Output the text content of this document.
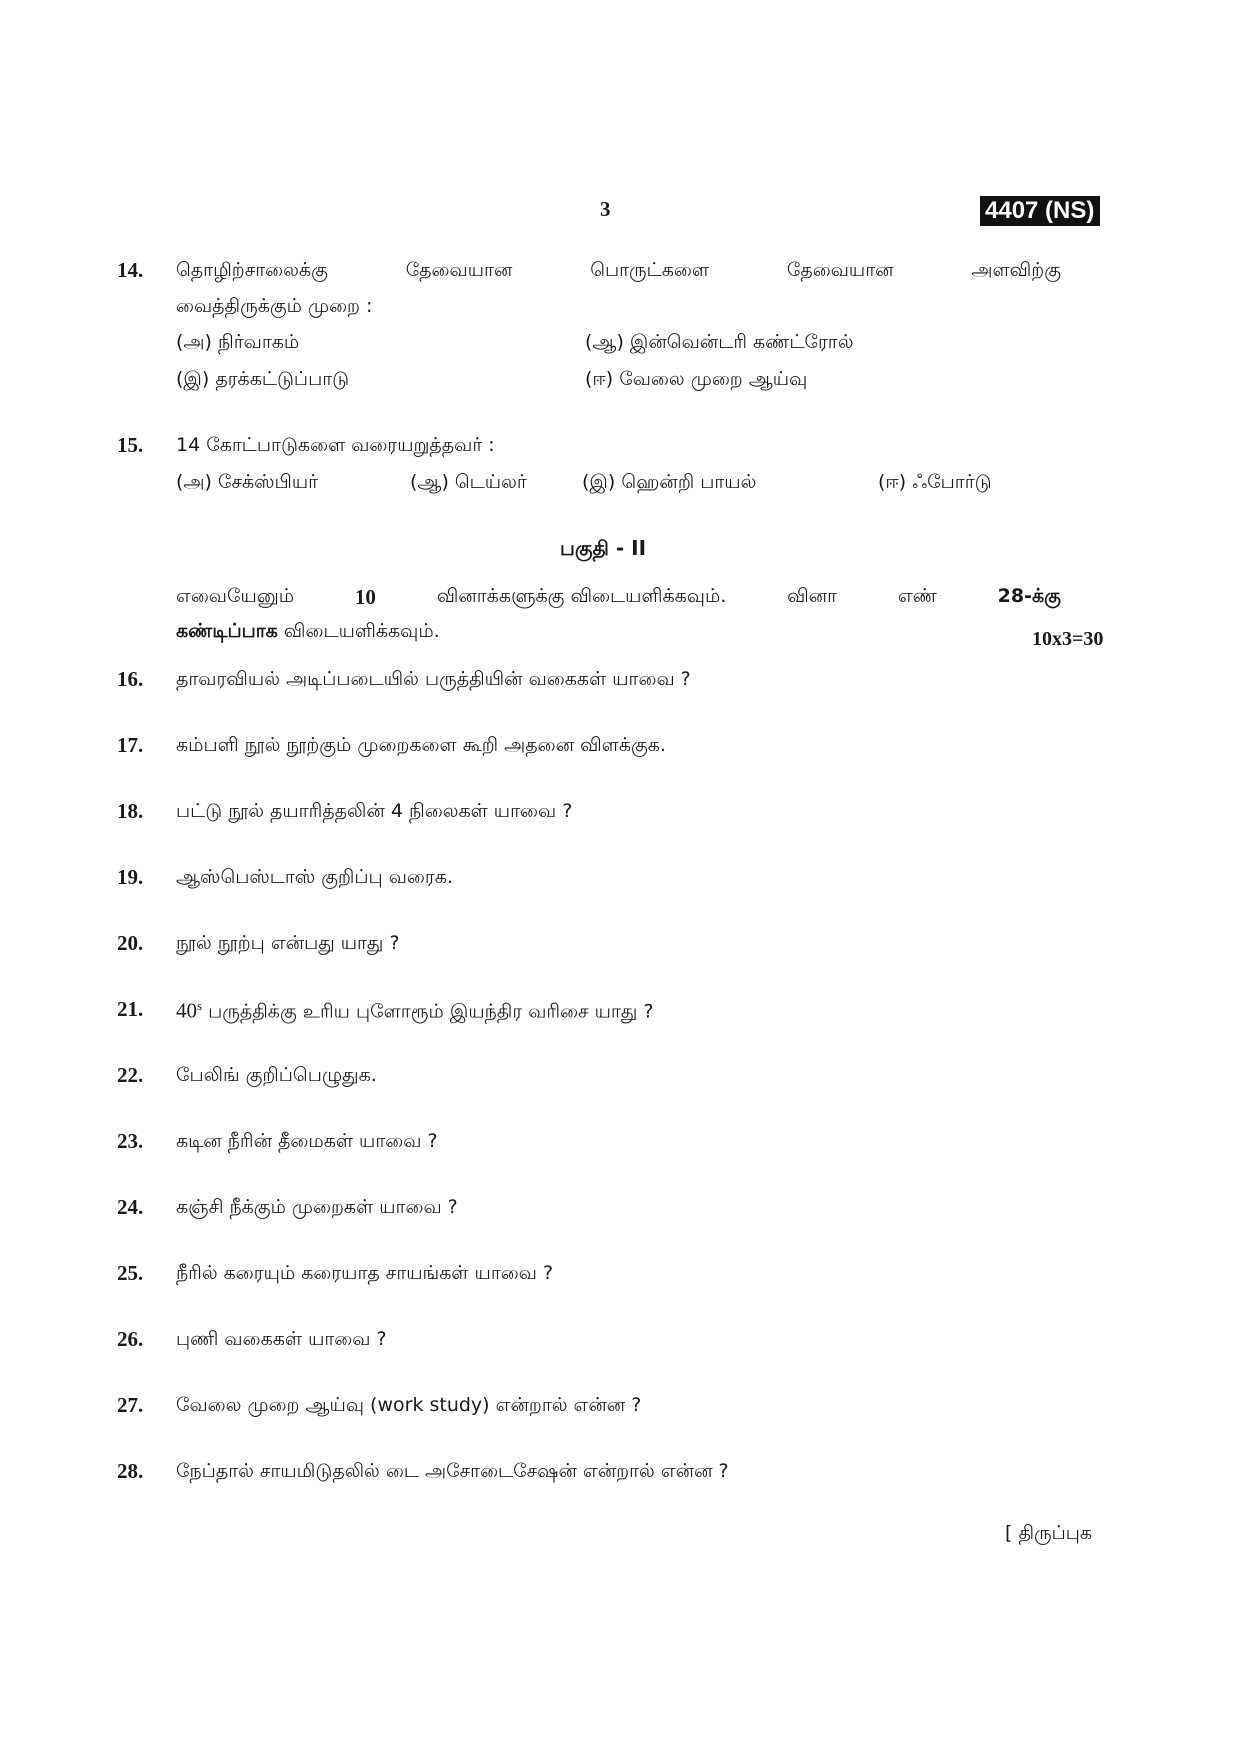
3	4407 (NS)
14. தொழிற்சாலைக்கு	தேவையான	பொருட்களை	தேவையான	அளவிற்கு
வைத்திருக்கும் முறை :
(அ) நிர்வாகம்	(ஆ) இன்வென்டரி கண்ட்ரோல்
(இ) தரக்கட்டுப்பாடு	(ஈ) வேலை முறை ஆய்வு
15. 14 கோட்பாடுகளை வரையறுத்தவர் :
(அ) சேக்ஸ்பியர்	(ஆ) டெய்லர்	(இ) ஹென்றி பாயல்	(ஈ) ஃபோர்டு
பகுதி - II
எவையேனும்	10	வினாக்களுக்கு விடையளிக்கவும்.	வினா	எண்	28-க்கு
கண்டிப்பாக விடையளிக்கவும்.	10x3=30
16. தாவரவியல் அடிப்படையில் பருத்தியின் வகைகள் யாவை ?
17. கம்பளி நூல் நூற்கும் முறைகளை கூறி அதனை விளக்குக.
18. பட்டு நூல் தயாரித்தலின் 4 நிலைகள் யாவை ?
19. ஆஸ்பெஸ்டாஸ் குறிப்பு வரைக.
20. நூல் நூற்பு என்பது யாது ?
21. 40$^s$ பருத்திக்கு உரிய புளோரூம் இயந்திர வரிசை யாது ?
22. பேலிங் குறிப்பெழுதுக.
23. கடின நீரின் தீமைகள் யாவை ?
24. கஞ்சி நீக்கும் முறைகள் யாவை ?
25. நீரில் கரையும் கரையாத சாயங்கள் யாவை ?
26. புணி வகைகள் யாவை ?
27. வேலை முறை ஆய்வு (work study) என்றால் என்ன ?
28. நேப்தால் சாயமிடுதலில் டை அசோடைசேஷன் என்றால் என்ன ?
[ திருப்புக
